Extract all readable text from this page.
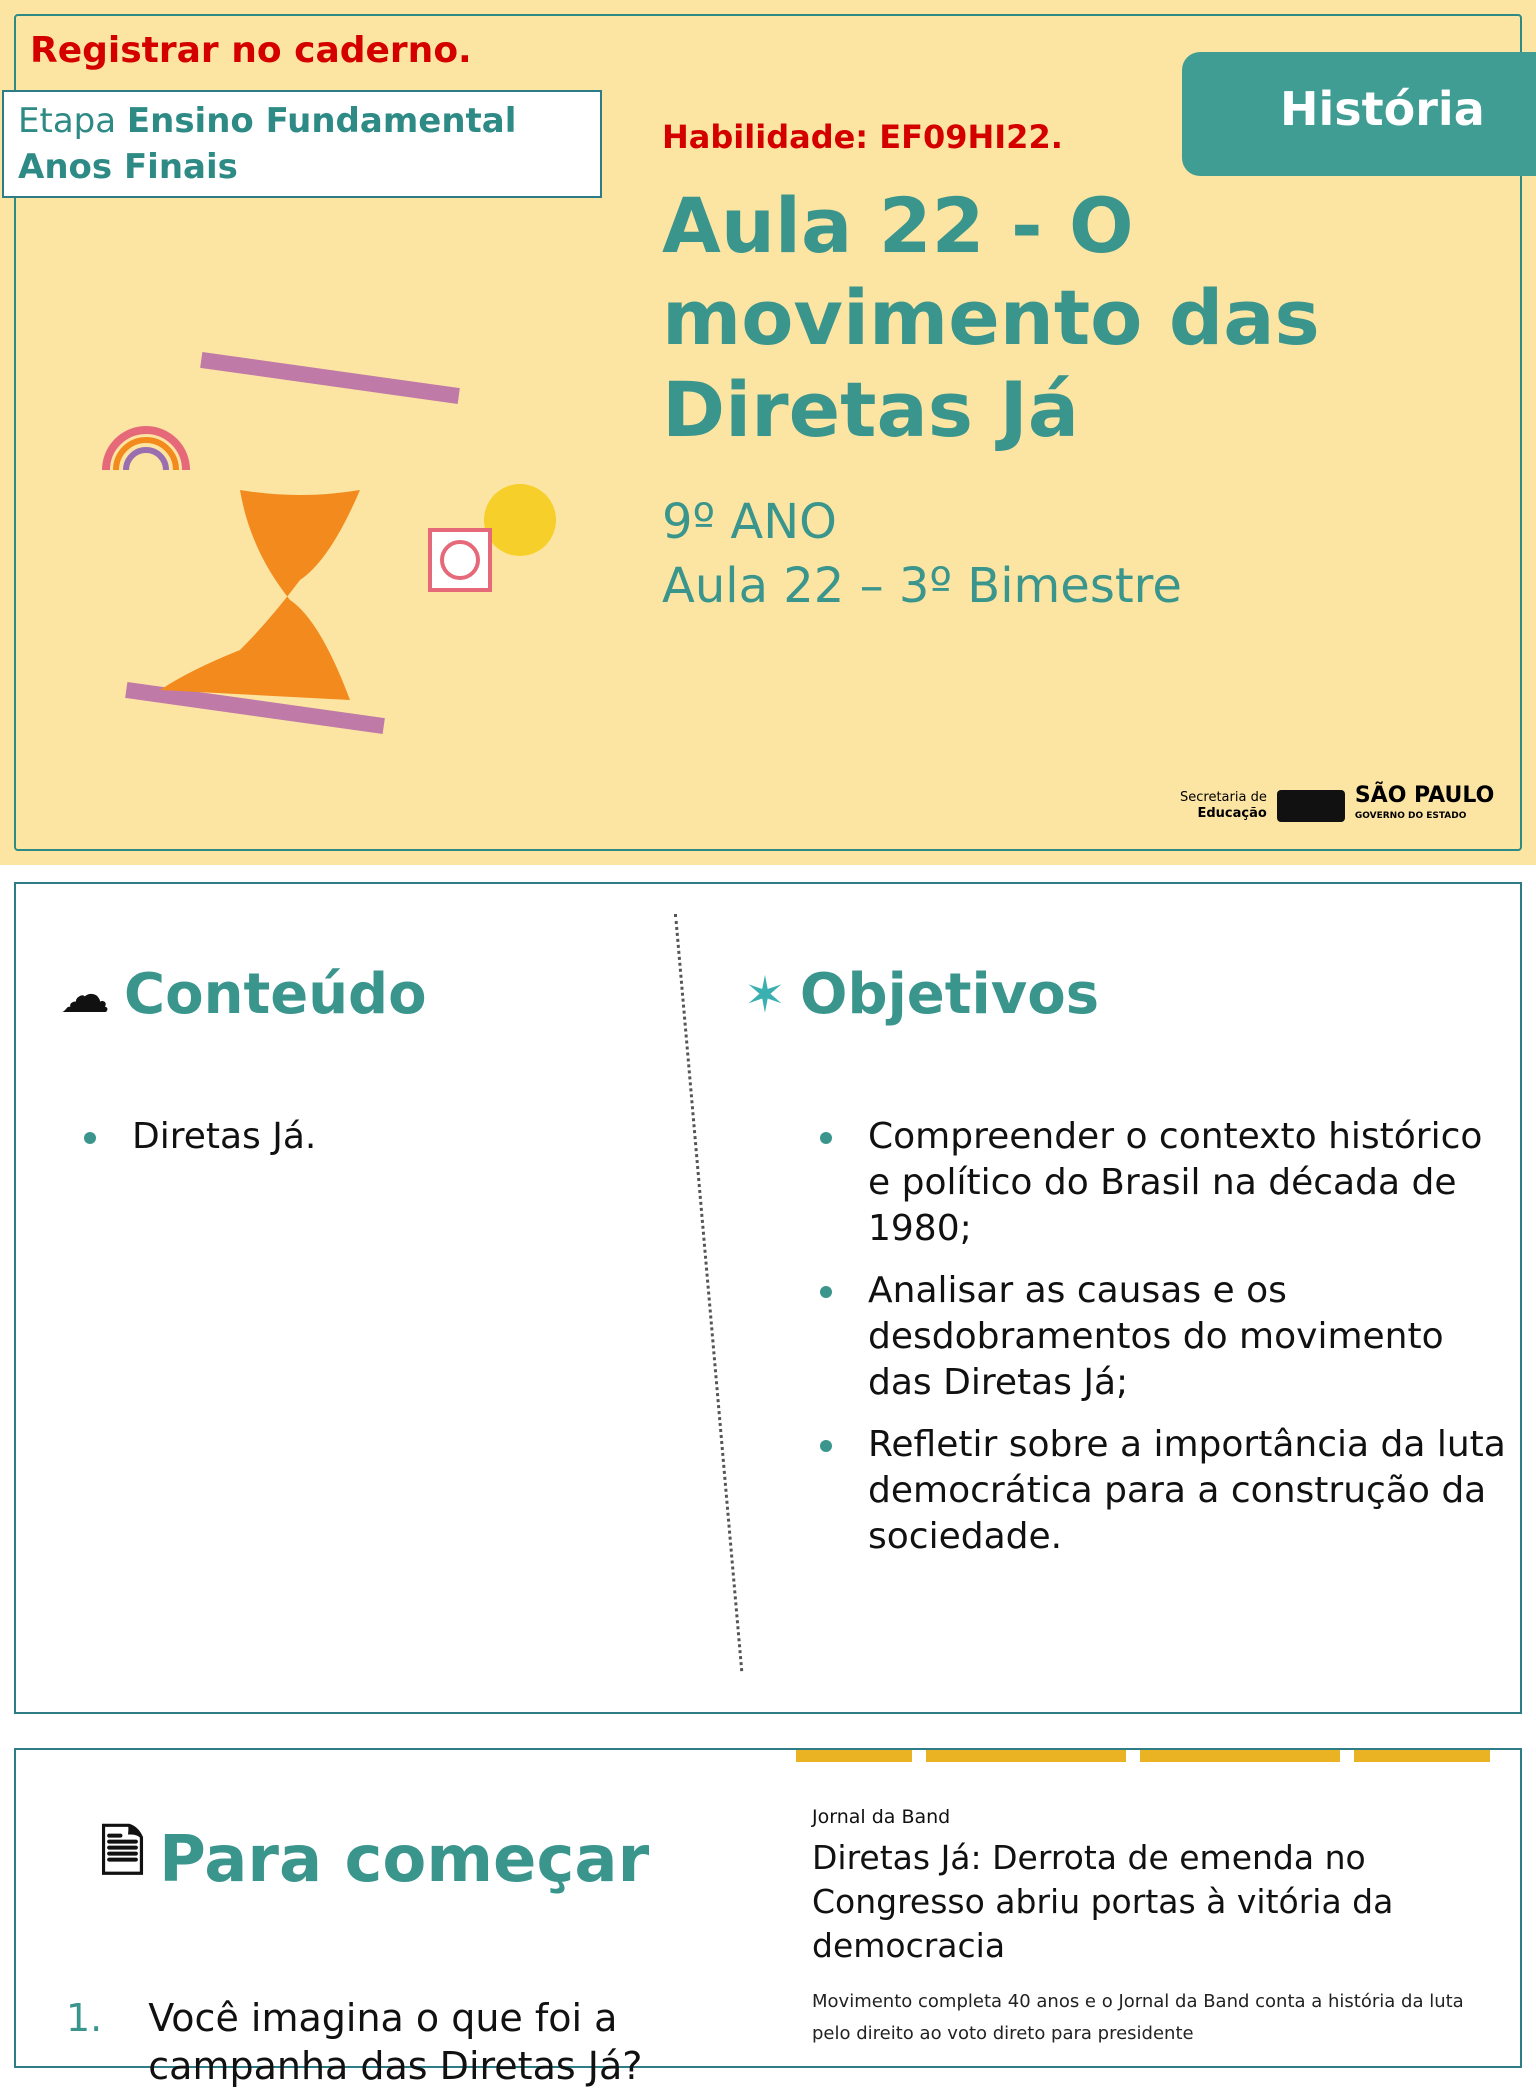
Registrar no caderno.
Etapa Ensino Fundamental
Anos Finais
História
Habilidade: EF09HI22.
Aula 22 - O movimento das Diretas Já
9º ANO
Aula 22 – 3º Bimestre
Secretaria de
Educação
SÃO PAULO
GOVERNO DO ESTADO
☁ Conteúdo
Diretas Já.
✶ Objetivos
Compreender o contexto histórico e político do Brasil na década de 1980;
Analisar as causas e os desdobramentos do movimento das Diretas Já;
Refletir sobre a importância da luta democrática para a construção da sociedade.
🗎 Para começar
1. Você imagina o que foi a campanha das Diretas Já?
Jornal da Band
Diretas Já: Derrota de emenda no Congresso abriu portas à vitória da democracia
Movimento completa 40 anos e o Jornal da Band conta a história da luta pelo direito ao voto direto para presidente
